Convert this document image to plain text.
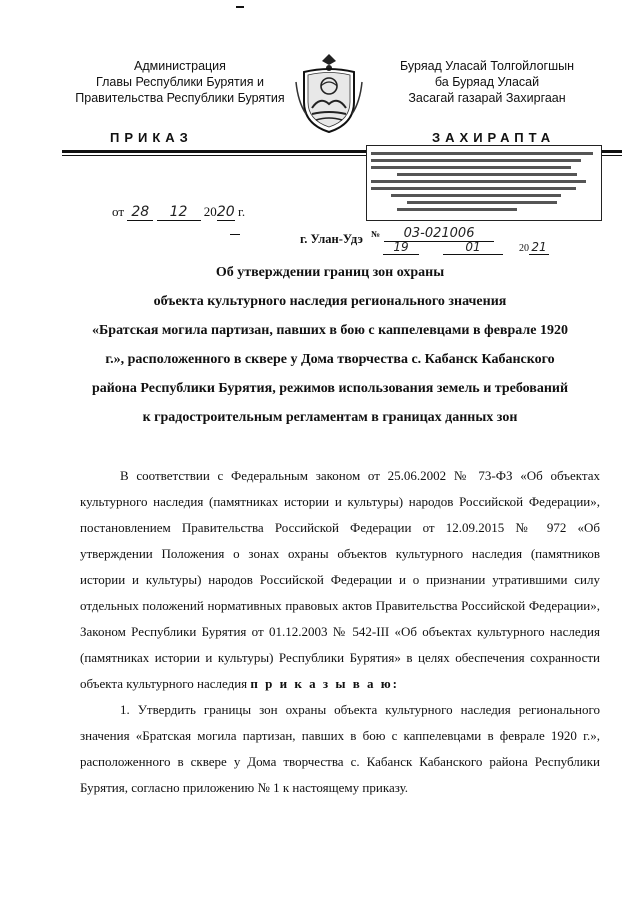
Администрация
Главы Республики Бурятия и
Правительства Республики Бурятия
Буряад Уласай Толгойлогшын
ба Буряад Уласай
Засагай газарай Захиргаан
ПРИКАЗ	ЗАХИРАПТА
от 28 12 2020 г.
г. Улан-Удэ № 03-021006
19	01	20 21
Об утверждении границ зон охраны
объекта культурного наследия регионального значения
«Братская могила партизан, павших в бою с каппелевцами в феврале 1920
г.», расположенного в сквере у Дома творчества с. Кабанск Кабанского
района Республики Бурятия, режимов использования земель и требований
к градостроительным регламентам в границах данных зон

В соответствии с Федеральным законом от 25.06.2002 № 73-ФЗ «Об объектах культурного наследия (памятниках истории и культуры) народов Российской Федерации», постановлением Правительства Российской Федерации от 12.09.2015 № 972 «Об утверждении Положения о зонах охраны объектов культурного наследия (памятников истории и культуры) народов Российской Федерации и о признании утратившими силу отдельных положений нормативных правовых актов Правительства Российской Федерации», Законом Республики Бурятия от 01.12.2003 № 542-III «Об объектах культурного наследия (памятниках истории и культуры) Республики Бурятия» в целях обеспечения сохранности объекта культурного наследия п р и к а з ы в а ю:

1. Утвердить границы зон охраны объекта культурного наследия регионального значения «Братская могила партизан, павших в бою с каппелевцами в феврале 1920 г.», расположенного в сквере у Дома творчества с. Кабанск Кабанского района Республики Бурятия, согласно приложению № 1 к настоящему приказу.
